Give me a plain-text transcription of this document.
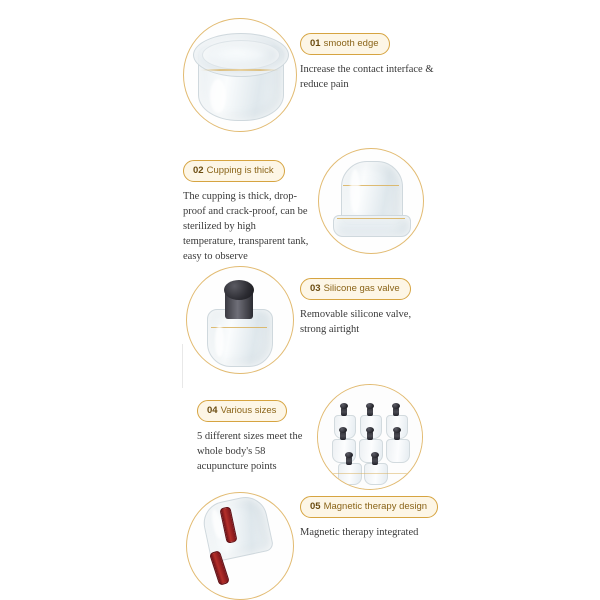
01 smooth edge
Increase the contact interface & reduce pain
02 Cupping is thick
The cupping is thick, drop-proof and crack-proof, can be sterilized by high temperature, transparent tank, easy to observe
03 Silicone gas valve
Removable silicone valve, strong airtight
04 Various sizes
5 different sizes meet the whole body's 58 acupuncture points
05 Magnetic therapy design
Magnetic therapy integrated
